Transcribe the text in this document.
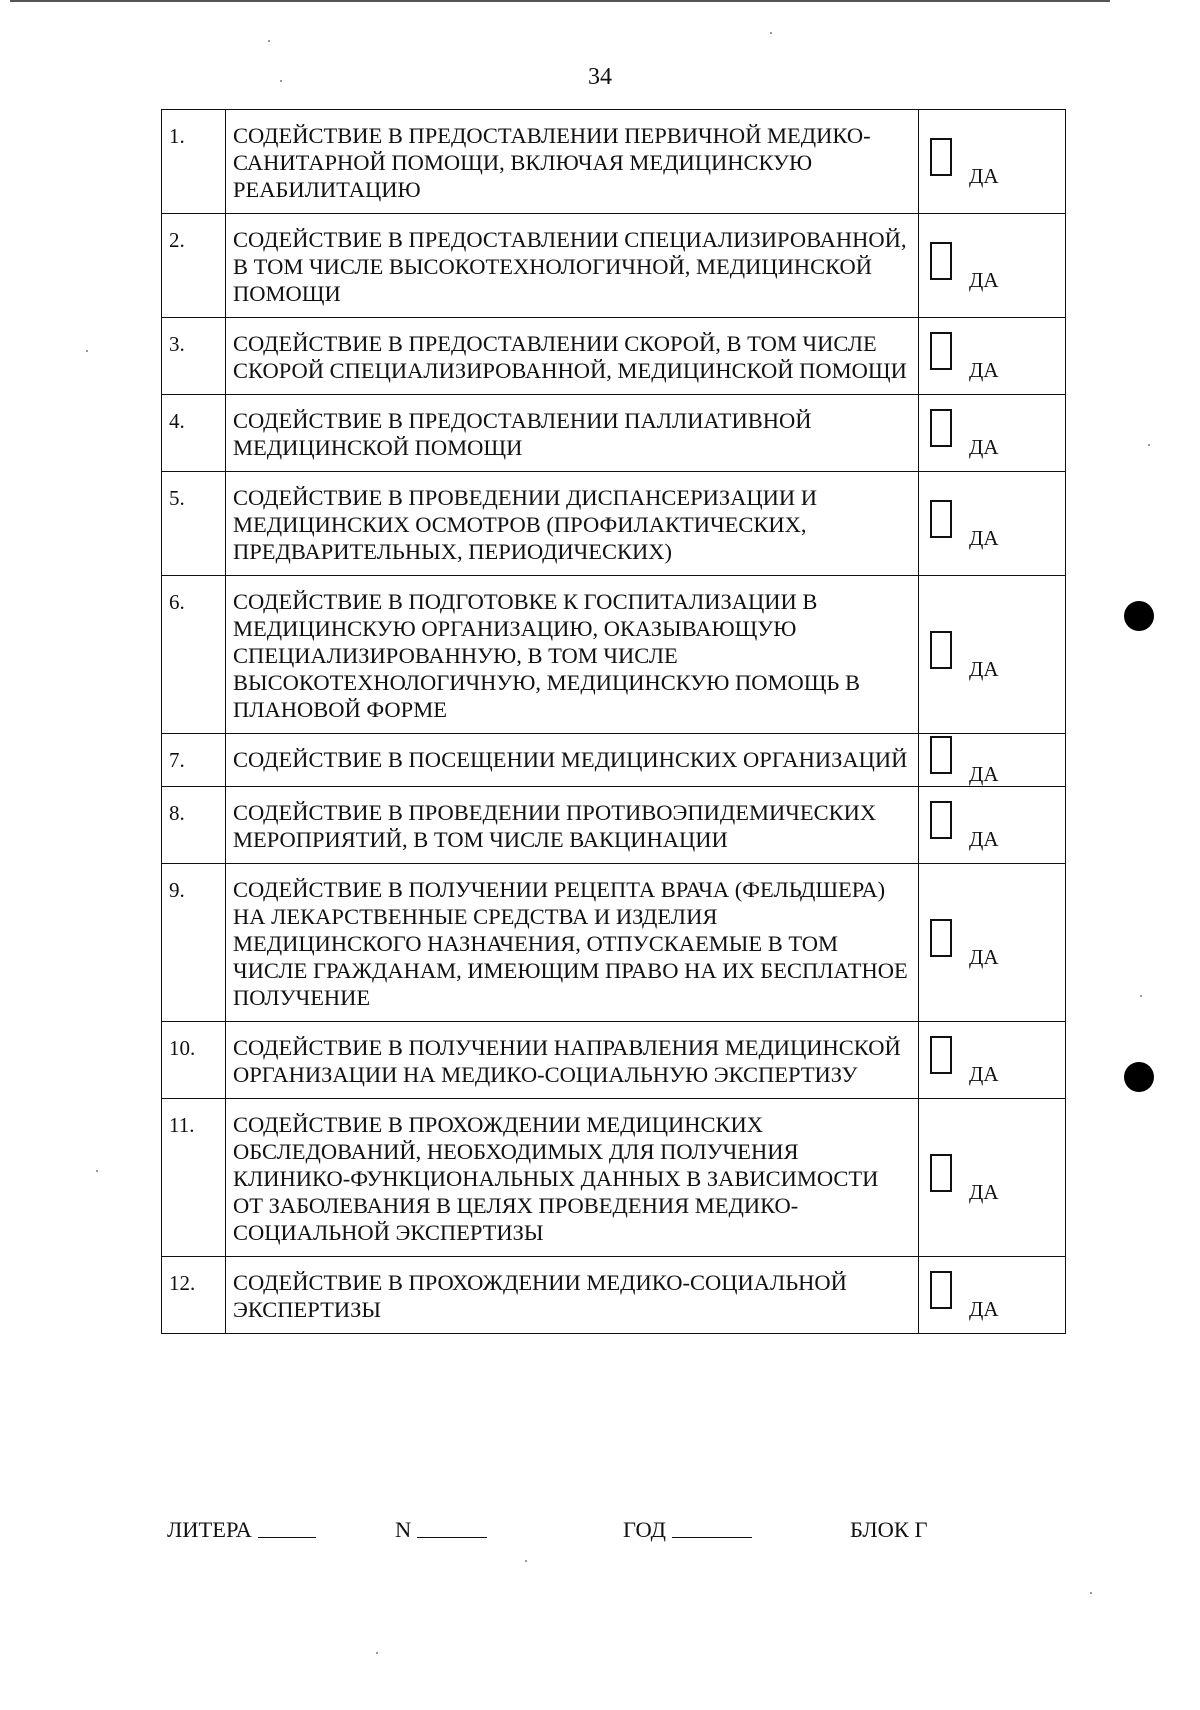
34
1.	СОДЕЙСТВИЕ В ПРЕДОСТАВЛЕНИИ ПЕРВИЧНОЙ МЕДИКО-САНИТАРНОЙ ПОМОЩИ, ВКЛЮЧАЯ МЕДИЦИНСКУЮ РЕАБИЛИТАЦИЮ	ДА

2.	СОДЕЙСТВИЕ В ПРЕДОСТАВЛЕНИИ СПЕЦИАЛИЗИРОВАННОЙ, В ТОМ ЧИСЛЕ ВЫСОКОТЕХНОЛОГИЧНОЙ, МЕДИЦИНСКОЙ ПОМОЩИ	ДА

3.	СОДЕЙСТВИЕ В ПРЕДОСТАВЛЕНИИ СКОРОЙ, В ТОМ ЧИСЛЕ СКОРОЙ СПЕЦИАЛИЗИРОВАННОЙ, МЕДИЦИНСКОЙ ПОМОЩИ	ДА

4.	СОДЕЙСТВИЕ В ПРЕДОСТАВЛЕНИИ ПАЛЛИАТИВНОЙ МЕДИЦИНСКОЙ ПОМОЩИ	ДА

5.	СОДЕЙСТВИЕ В ПРОВЕДЕНИИ ДИСПАНСЕРИЗАЦИИ И МЕДИЦИНСКИХ ОСМОТРОВ (ПРОФИЛАКТИЧЕСКИХ, ПРЕДВАРИТЕЛЬНЫХ, ПЕРИОДИЧЕСКИХ)	ДА

6.	СОДЕЙСТВИЕ В ПОДГОТОВКЕ К ГОСПИТАЛИЗАЦИИ В МЕДИЦИНСКУЮ ОРГАНИЗАЦИЮ, ОКАЗЫВАЮЩУЮ СПЕЦИАЛИЗИРОВАННУЮ, В ТОМ ЧИСЛЕ ВЫСОКОТЕХНОЛОГИЧНУЮ, МЕДИЦИНСКУЮ ПОМОЩЬ В ПЛАНОВОЙ ФОРМЕ	ДА

7.	СОДЕЙСТВИЕ В ПОСЕЩЕНИИ МЕДИЦИНСКИХ ОРГАНИЗАЦИЙ	ДА

8.	СОДЕЙСТВИЕ В ПРОВЕДЕНИИ ПРОТИВОЭПИДЕМИЧЕСКИХ МЕРОПРИЯТИЙ, В ТОМ ЧИСЛЕ ВАКЦИНАЦИИ	ДА

9.	СОДЕЙСТВИЕ В ПОЛУЧЕНИИ РЕЦЕПТА ВРАЧА (ФЕЛЬДШЕРА) НА ЛЕКАРСТВЕННЫЕ СРЕДСТВА И ИЗДЕЛИЯ МЕДИЦИНСКОГО НАЗНАЧЕНИЯ, ОТПУСКАЕМЫЕ В ТОМ ЧИСЛЕ ГРАЖДАНАМ, ИМЕЮЩИМ ПРАВО НА ИХ БЕСПЛАТНОЕ ПОЛУЧЕНИЕ	ДА

10.	СОДЕЙСТВИЕ В ПОЛУЧЕНИИ НАПРАВЛЕНИЯ МЕДИЦИНСКОЙ ОРГАНИЗАЦИИ НА МЕДИКО-СОЦИАЛЬНУЮ ЭКСПЕРТИЗУ	ДА

11.	СОДЕЙСТВИЕ В ПРОХОЖДЕНИИ МЕДИЦИНСКИХ ОБСЛЕДОВАНИЙ, НЕОБХОДИМЫХ ДЛЯ ПОЛУЧЕНИЯ КЛИНИКО-ФУНКЦИОНАЛЬНЫХ ДАННЫХ В ЗАВИСИМОСТИ ОТ ЗАБОЛЕВАНИЯ В ЦЕЛЯХ ПРОВЕДЕНИЯ МЕДИКО-СОЦИАЛЬНОЙ ЭКСПЕРТИЗЫ	ДА

12.	СОДЕЙСТВИЕ В ПРОХОЖДЕНИИ МЕДИКО-СОЦИАЛЬНОЙ ЭКСПЕРТИЗЫ	ДА
ЛИТЕРА	N	ГОД	БЛОК Г
